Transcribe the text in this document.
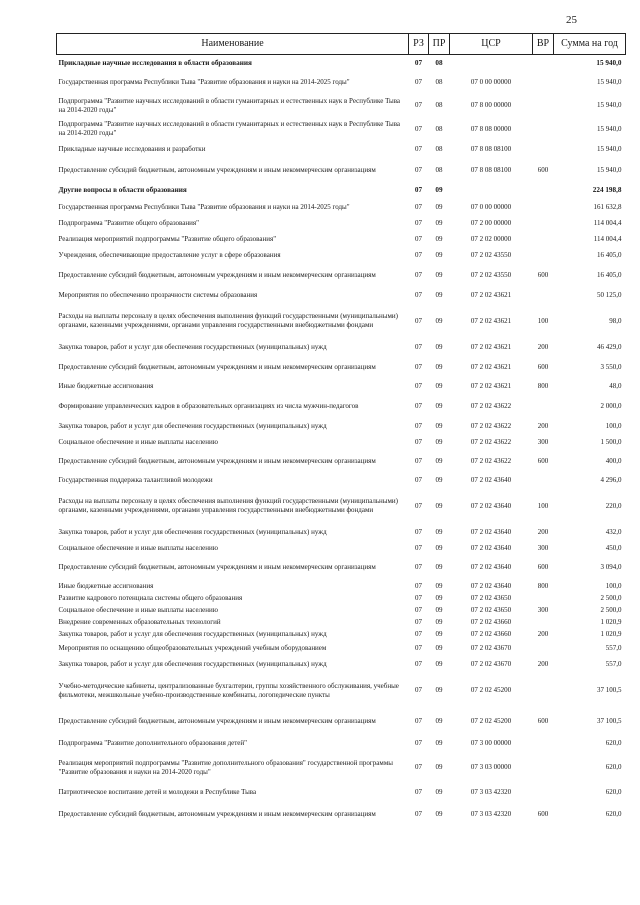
25
Наименование	РЗ	ПР	ЦСР	ВР	Сумма на год
Прикладные научные исследования в области образования	07	08			15 940,0
Государственная программа Республики Тыва "Развитие образования и науки на 2014-2025 годы"	07	08	07 0 00 00000		15 940,0
Подпрограмма "Развитие научных исследований в области гуманитарных и естественных наук в Республике Тыва на 2014-2020 годы"	07	08	07 8 00 00000		15 940,0
Подпрограмма "Развитие научных исследований в области гуманитарных и естественных наук в Республике Тыва на 2014-2020 годы"	07	08	07 8 08 00000		15 940,0
Прикладные научные исследования и разработки	07	08	07 8 08 08100		15 940,0
Предоставление субсидий бюджетным, автономным учреждениям и иным некоммерческим организациям	07	08	07 8 08 08100	600	15 940,0
Другие вопросы в области образования	07	09			224 198,8
Государственная программа Республики Тыва "Развитие образования и науки на 2014-2025 годы"	07	09	07 0 00 00000		161 632,8
Подпрограмма "Развитие общего образования"	07	09	07 2 00 00000		114 004,4
Реализация мероприятий подпрограммы "Развитие общего образования"	07	09	07 2 02 00000		114 004,4
Учреждения, обеспечивающие предоставление услуг в сфере образования	07	09	07 2 02 43550		16 405,0
Предоставление субсидий бюджетным, автономным учреждениям и иным некоммерческим организациям	07	09	07 2 02 43550	600	16 405,0
Мероприятия по обеспечению прозрачности системы образования	07	09	07 2 02 43621		50 125,0
Расходы на выплаты персоналу в целях обеспечения выполнения функций государственными (муниципальными) органами, казенными учреждениями, органами управления государственными внебюджетными фондами	07	09	07 2 02 43621	100	98,0
Закупка товаров, работ и услуг для обеспечения государственных (муниципальных) нужд	07	09	07 2 02 43621	200	46 429,0
Предоставление субсидий бюджетным, автономным учреждениям и иным некоммерческим организациям	07	09	07 2 02 43621	600	3 550,0
Иные бюджетные ассигнования	07	09	07 2 02 43621	800	48,0
Формирование управленческих кадров в образовательных организациях из числа мужчин-педагогов	07	09	07 2 02 43622		2 000,0
Закупка товаров, работ и услуг для обеспечения государственных (муниципальных) нужд	07	09	07 2 02 43622	200	100,0
Социальное обеспечение и иные выплаты населению	07	09	07 2 02 43622	300	1 500,0
Предоставление субсидий бюджетным, автономным учреждениям и иным некоммерческим организациям	07	09	07 2 02 43622	600	400,0
Государственная поддержка талантливой молодежи	07	09	07 2 02 43640		4 296,0
Расходы на выплаты персоналу в целях обеспечения выполнения функций государственными (муниципальными) органами, казенными учреждениями, органами управления государственными внебюджетными фондами	07	09	07 2 02 43640	100	220,0
Закупка товаров, работ и услуг для обеспечения государственных (муниципальных) нужд	07	09	07 2 02 43640	200	432,0
Социальное обеспечение и иные выплаты населению	07	09	07 2 02 43640	300	450,0
Предоставление субсидий бюджетным, автономным учреждениям и иным некоммерческим организациям	07	09	07 2 02 43640	600	3 094,0
Иные бюджетные ассигнования	07	09	07 2 02 43640	800	100,0
Развитие кадрового потенциала системы общего образования	07	09	07 2 02 43650		2 500,0
Социальное обеспечение и иные выплаты населению	07	09	07 2 02 43650	300	2 500,0
Внедрение современных образовательных технологий	07	09	07 2 02 43660		1 020,9
Закупка товаров, работ и услуг для обеспечения государственных (муниципальных) нужд	07	09	07 2 02 43660	200	1 020,9
Мероприятия по оснащению общеобразовательных учреждений учебным оборудованием	07	09	07 2 02 43670		557,0
Закупка товаров, работ и услуг для обеспечения государственных (муниципальных) нужд	07	09	07 2 02 43670	200	557,0
Учебно-методические кабинеты, централизованные бухгалтерии, группы хозяйственного обслуживания, учебные фильмотеки, межшкольные учебно-производственные комбинаты, логопедические пункты	07	09	07 2 02 45200		37 100,5
Предоставление субсидий бюджетным, автономным учреждениям и иным некоммерческим организациям	07	09	07 2 02 45200	600	37 100,5
Подпрограмма "Развитие дополнительного образования детей"	07	09	07 3 00 00000		620,0
Реализация мероприятий подпрограммы "Развитие дополнительного образования" государственной программы "Развитие образования и науки на 2014-2020 годы"	07	09	07 3 03 00000		620,0
Патриотическое воспитание детей и молодежи в Республике Тыва	07	09	07 3 03 42320		620,0
Предоставление субсидий бюджетным, автономным учреждениям и иным некоммерческим организациям	07	09	07 3 03 42320	600	620,0
